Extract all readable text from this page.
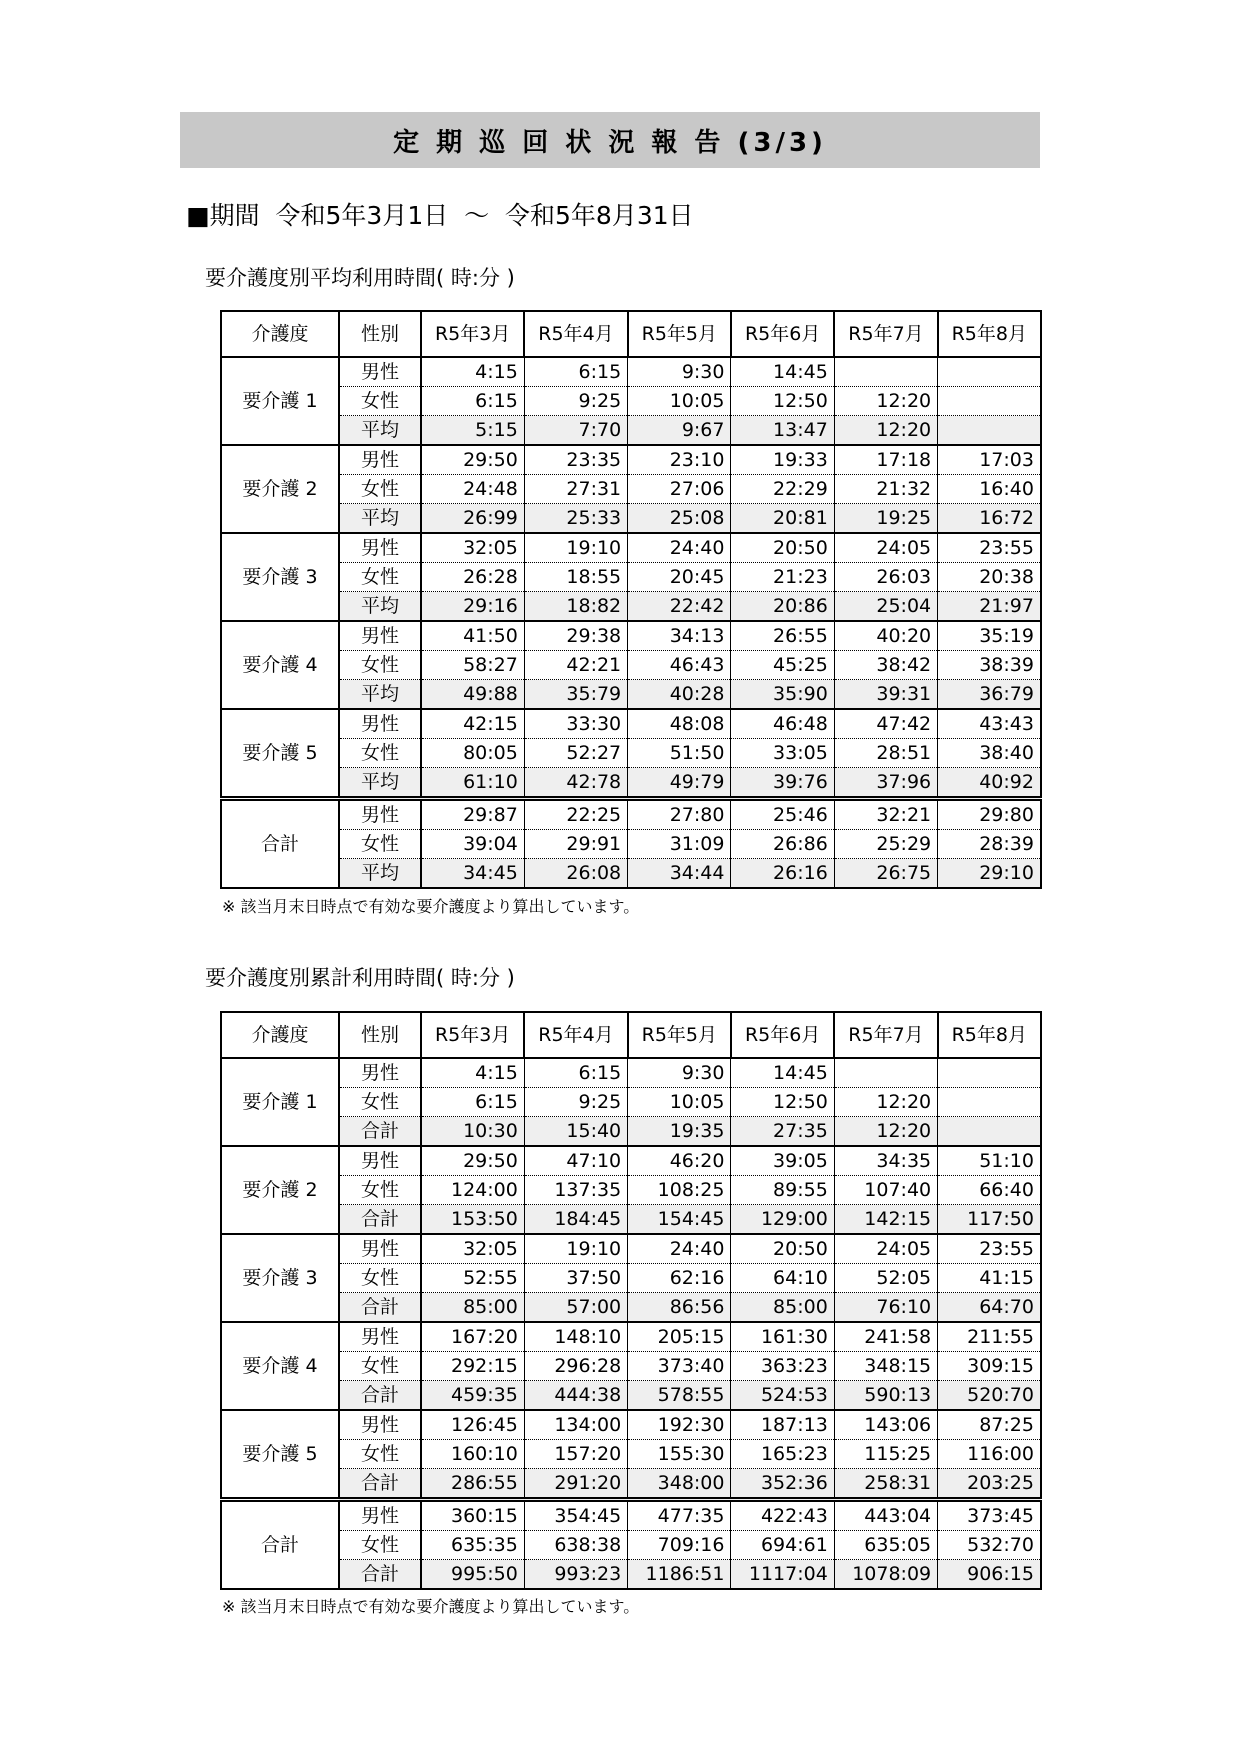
定 期 巡 回 状 況 報 告 (3/3)
■期間  令和5年3月1日  ～  令和5年8月31日
要介護度別平均利用時間( 時:分 )
介護度	性別	R5年3月	R5年4月	R5年5月	R5年6月	R5年7月	R5年8月
要介護 1	男性	4:15	6:15	9:30	14:45		
	女性	6:15	9:25	10:05	12:50	12:20	
	平均	5:15	7:70	9:67	13:47	12:20	
要介護 2	男性	29:50	23:35	23:10	19:33	17:18	17:03
	女性	24:48	27:31	27:06	22:29	21:32	16:40
	平均	26:99	25:33	25:08	20:81	19:25	16:72
要介護 3	男性	32:05	19:10	24:40	20:50	24:05	23:55
	女性	26:28	18:55	20:45	21:23	26:03	20:38
	平均	29:16	18:82	22:42	20:86	25:04	21:97
要介護 4	男性	41:50	29:38	34:13	26:55	40:20	35:19
	女性	58:27	42:21	46:43	45:25	38:42	38:39
	平均	49:88	35:79	40:28	35:90	39:31	36:79
要介護 5	男性	42:15	33:30	48:08	46:48	47:42	43:43
	女性	80:05	52:27	51:50	33:05	28:51	38:40
	平均	61:10	42:78	49:79	39:76	37:96	40:92
合計	男性	29:87	22:25	27:80	25:46	32:21	29:80
	女性	39:04	29:91	31:09	26:86	25:29	28:39
	平均	34:45	26:08	34:44	26:16	26:75	29:10
※ 該当月末日時点で有効な要介護度より算出しています。
要介護度別累計利用時間( 時:分 )
介護度	性別	R5年3月	R5年4月	R5年5月	R5年6月	R5年7月	R5年8月
要介護 1	男性	4:15	6:15	9:30	14:45		
	女性	6:15	9:25	10:05	12:50	12:20	
	合計	10:30	15:40	19:35	27:35	12:20	
要介護 2	男性	29:50	47:10	46:20	39:05	34:35	51:10
	女性	124:00	137:35	108:25	89:55	107:40	66:40
	合計	153:50	184:45	154:45	129:00	142:15	117:50
要介護 3	男性	32:05	19:10	24:40	20:50	24:05	23:55
	女性	52:55	37:50	62:16	64:10	52:05	41:15
	合計	85:00	57:00	86:56	85:00	76:10	64:70
要介護 4	男性	167:20	148:10	205:15	161:30	241:58	211:55
	女性	292:15	296:28	373:40	363:23	348:15	309:15
	合計	459:35	444:38	578:55	524:53	590:13	520:70
要介護 5	男性	126:45	134:00	192:30	187:13	143:06	87:25
	女性	160:10	157:20	155:30	165:23	115:25	116:00
	合計	286:55	291:20	348:00	352:36	258:31	203:25
合計	男性	360:15	354:45	477:35	422:43	443:04	373:45
	女性	635:35	638:38	709:16	694:61	635:05	532:70
	合計	995:50	993:23	1186:51	1117:04	1078:09	906:15
※ 該当月末日時点で有効な要介護度より算出しています。
